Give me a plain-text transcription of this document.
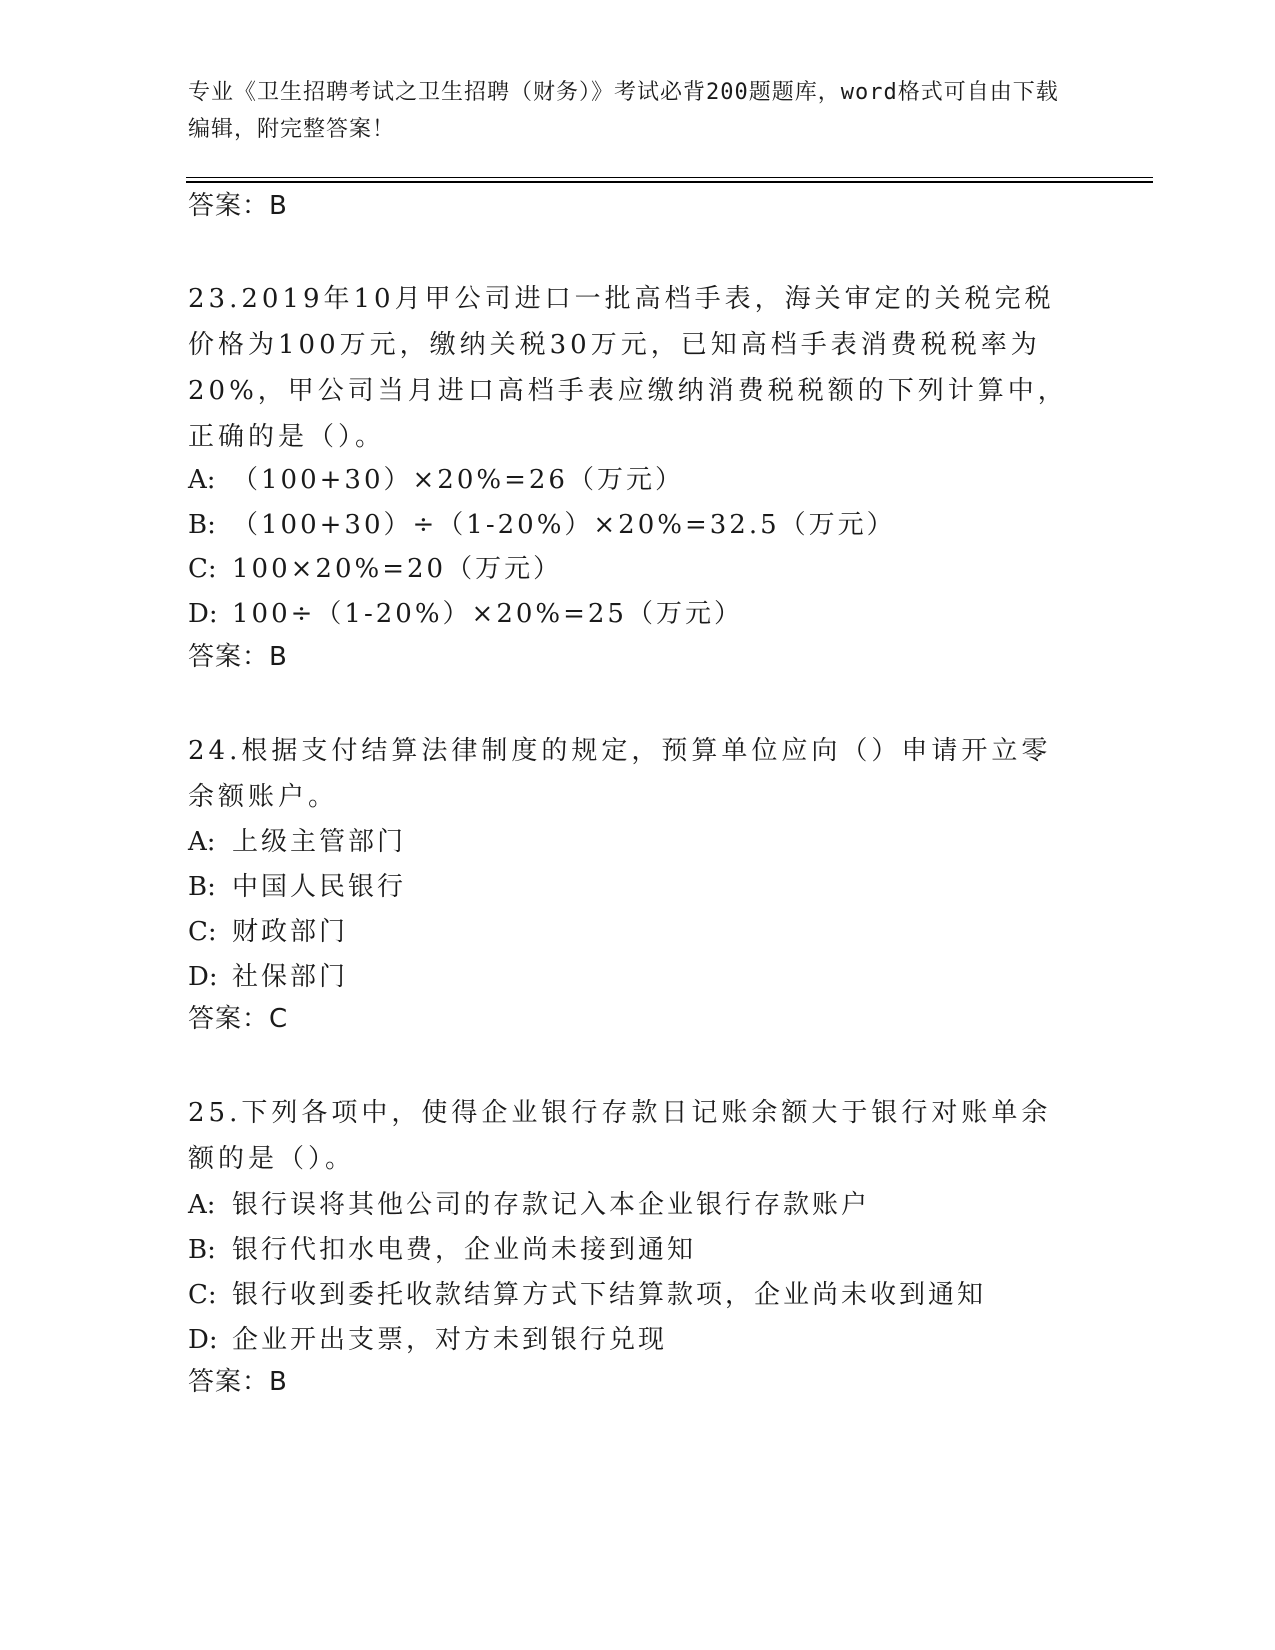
专业《卫生招聘考试之卫生招聘（财务）》考试必背200题题库，word格式可自由下载编辑，附完整答案！
答案：B
23.2019年10月甲公司进口一批高档手表，海关审定的关税完税价格为100万元，缴纳关税30万元，已知高档手表消费税税率为20%，甲公司当月进口高档手表应缴纳消费税税额的下列计算中，正确的是（）。
A: （100+30）×20%=26（万元）
B: （100+30）÷（1-20%）×20%=32.5（万元）
C: 100×20%=20（万元）
D: 100÷（1-20%）×20%=25（万元）
答案：B
24.根据支付结算法律制度的规定，预算单位应向（）申请开立零余额账户。
A: 上级主管部门
B: 中国人民银行
C: 财政部门
D: 社保部门
答案：C
25.下列各项中，使得企业银行存款日记账余额大于银行对账单余额的是（）。
A: 银行误将其他公司的存款记入本企业银行存款账户
B: 银行代扣水电费，企业尚未接到通知
C: 银行收到委托收款结算方式下结算款项，企业尚未收到通知
D: 企业开出支票，对方未到银行兑现
答案：B
